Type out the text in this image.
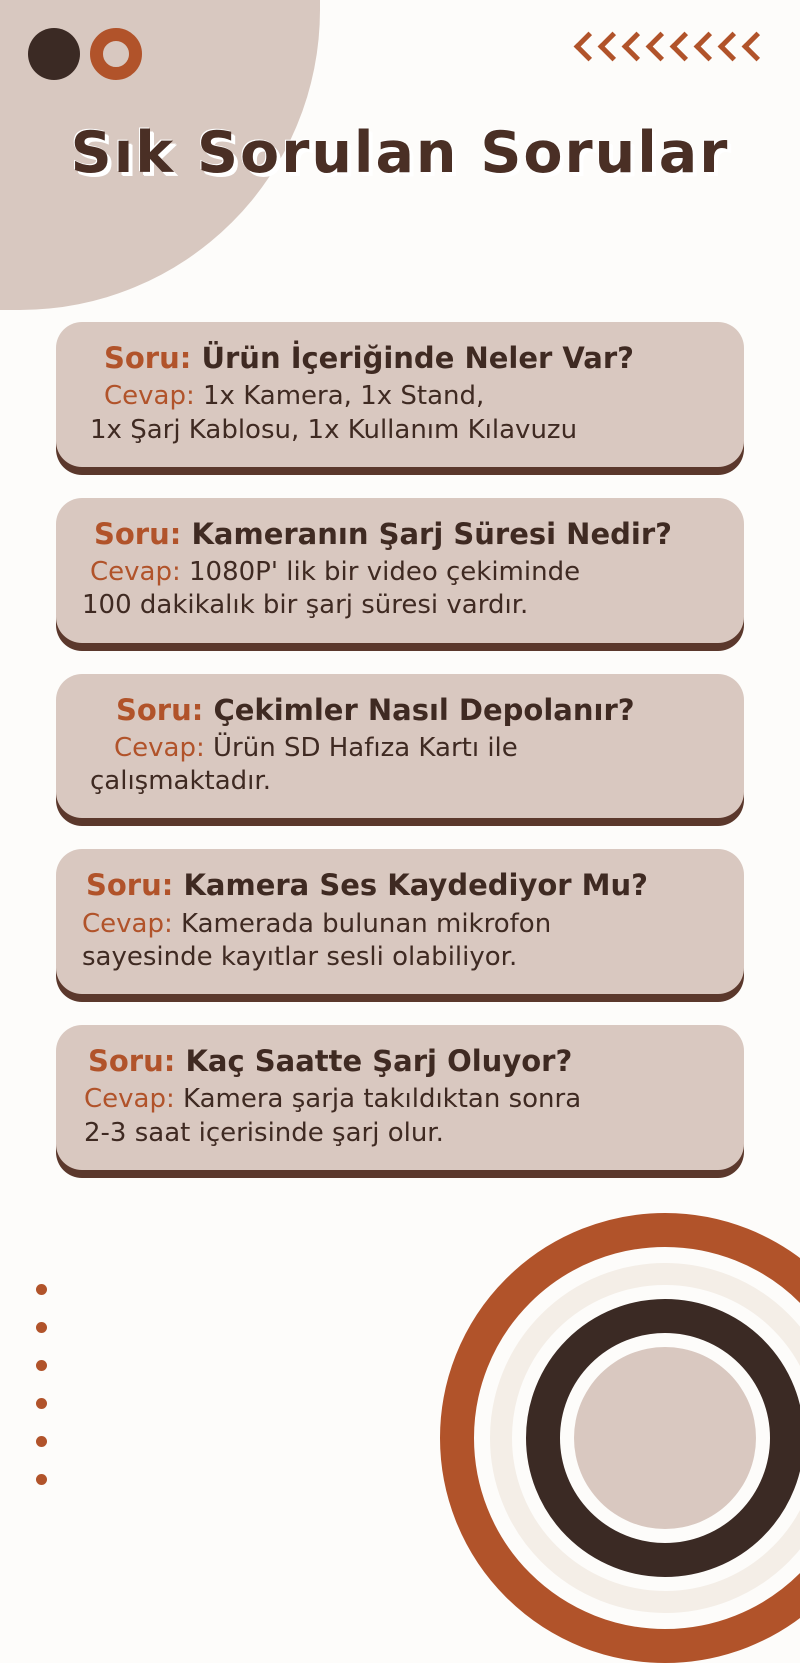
Sık Sorulan Sorular
Soru: Ürün İçeriğinde Neler Var?
Cevap: 1x Kamera, 1x Stand,
1x Şarj Kablosu, 1x Kullanım Kılavuzu
Soru: Kameranın Şarj Süresi Nedir?
Cevap: 1080P' lik bir video çekiminde
100 dakikalık bir şarj süresi vardır.
Soru: Çekimler Nasıl Depolanır?
Cevap: Ürün SD Hafıza Kartı ile
çalışmaktadır.
Soru: Kamera Ses Kaydediyor Mu?
Cevap: Kamerada bulunan mikrofon
sayesinde kayıtlar sesli olabiliyor.
Soru: Kaç Saatte Şarj Oluyor?
Cevap: Kamera şarja takıldıktan sonra
2-3 saat içerisinde şarj olur.
